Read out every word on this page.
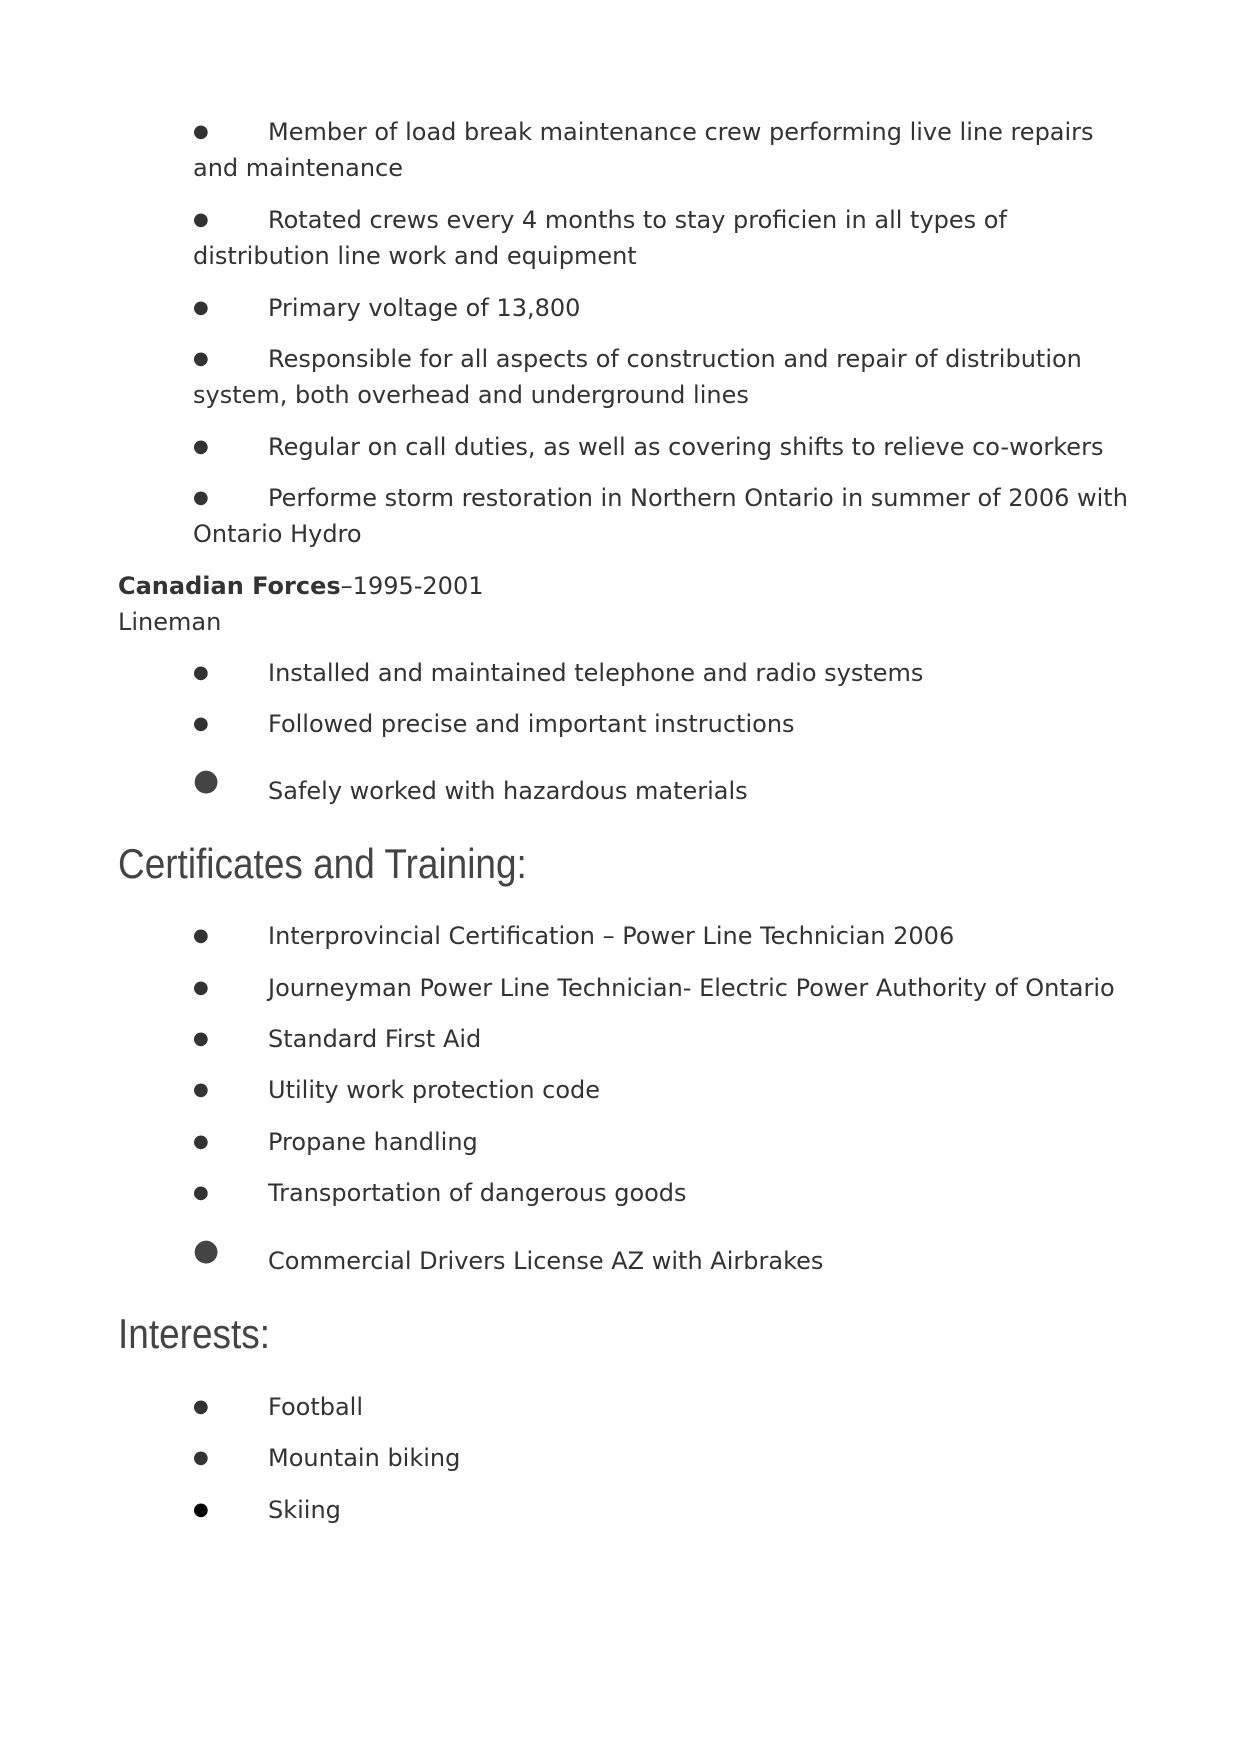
● Member of load break maintenance crew performing live line repairs and maintenance

● Rotated crews every 4 months to stay proficien in all types of distribution line work and equipment

● Primary voltage of 13,800

● Responsible for all aspects of construction and repair of distribution system, both overhead and underground lines

● Regular on call duties, as well as covering shifts to relieve co-workers

● Performe storm restoration in Northern Ontario in summer of 2006 with Ontario Hydro

Canadian Forces–1995-2001
Lineman

● Installed and maintained telephone and radio systems

● Followed precise and important instructions

● Safely worked with hazardous materials

Certificates and Training:

● Interprovincial Certification – Power Line Technician 2006

● Journeyman Power Line Technician- Electric Power Authority of Ontario

● Standard First Aid

● Utility work protection code

● Propane handling

● Transportation of dangerous goods

● Commercial Drivers License AZ with Airbrakes

Interests:

● Football

● Mountain biking

● Skiing
